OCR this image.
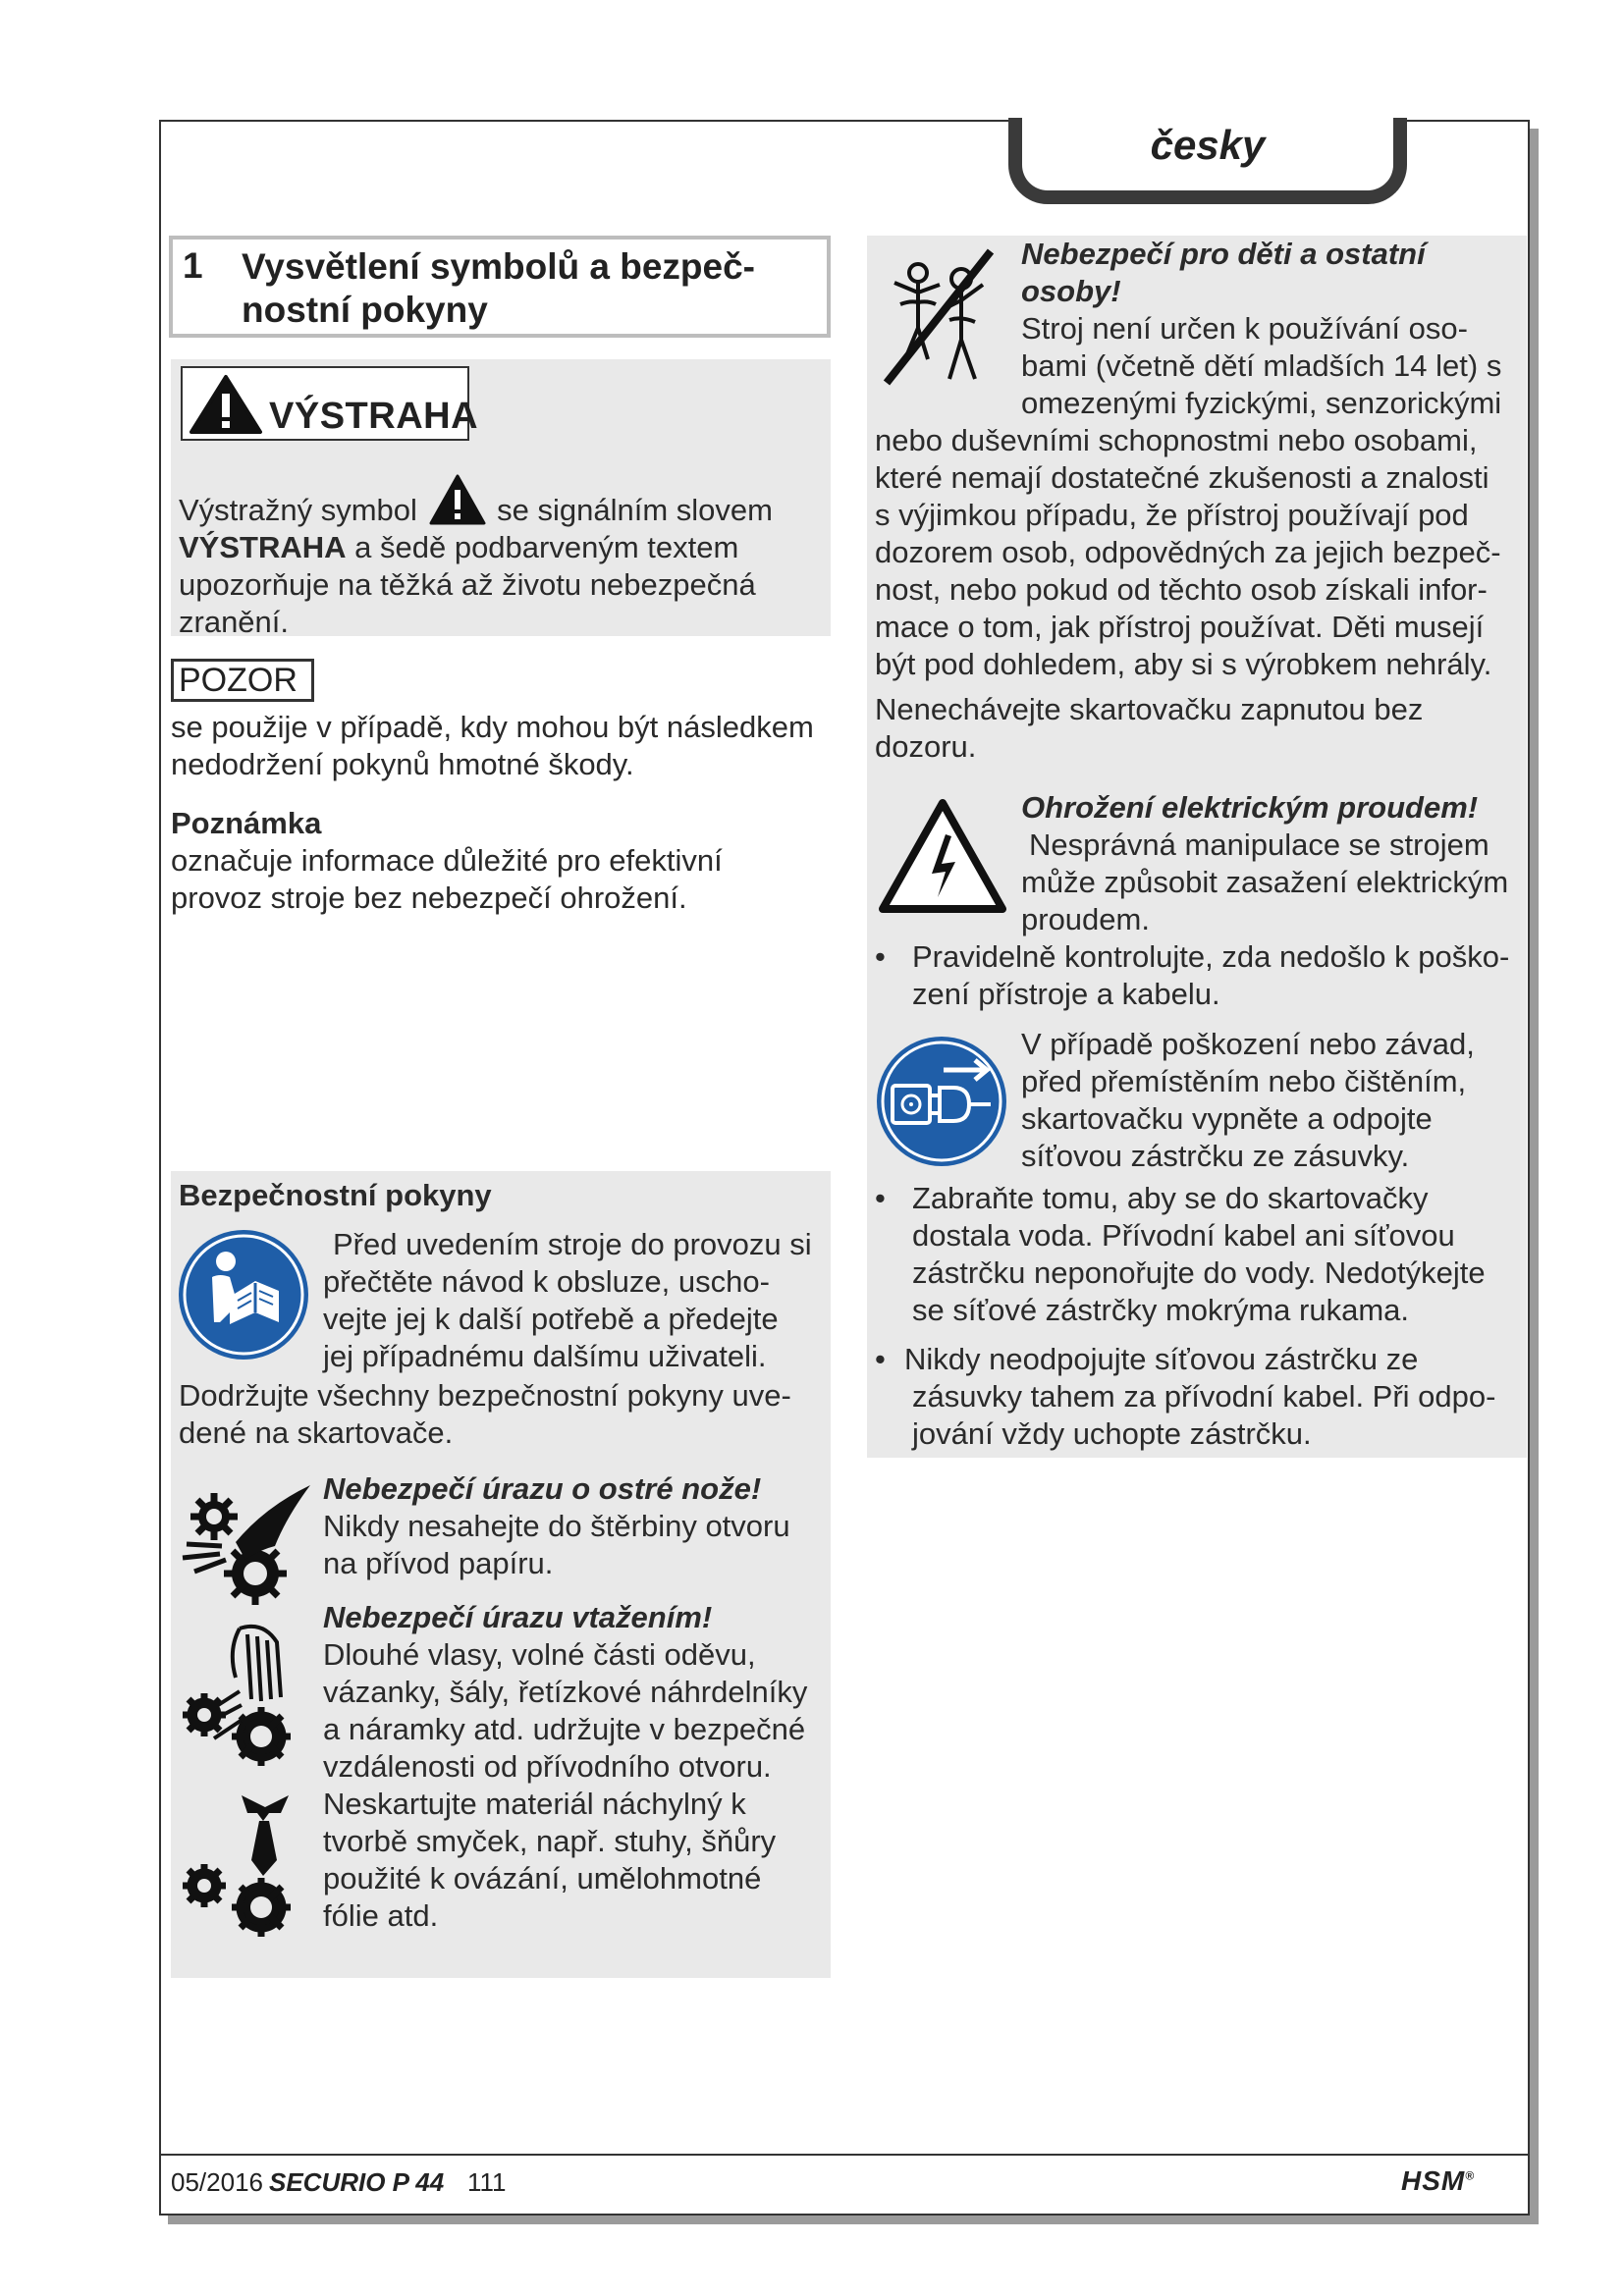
česky
1 Vysvětlení symbolů a bezpeč-
nostní pokyny
VÝSTRAHA
Výstražný symbol	se signálním slovem
VÝSTRAHA a šedě podbarveným textem
upozorňuje na těžká až životu nebezpečná
zranění.
POZOR
se použije v případě, kdy mohou být následkem
nedodržení pokynů hmotné škody.
Poznámka
označuje informace důležité pro efektivní
provoz stroje bez nebezpečí ohrožení.
Bezpečnostní pokyny
Před uvedením stroje do provozu si
přečtěte návod k obsluze, uscho-
vejte jej k další potřebě a předejte
jej případnému dalšímu uživateli.
Dodržujte všechny bezpečnostní pokyny uve-
dené na skartovače.
Nebezpečí úrazu o ostré nože!
Nikdy nesahejte do štěrbiny otvoru
na přívod papíru.
Nebezpečí úrazu vtažením!
Dlouhé vlasy, volné části oděvu,
vázanky, šály, řetízkové náhrdelníky
a náramky atd. udržujte v bezpečné
vzdálenosti od přívodního otvoru.
Neskartujte materiál náchylný k
tvorbě smyček, např. stuhy, šňůry
použité k ovázání, umělohmotné
fólie atd.
Nebezpečí pro děti a ostatní
osoby!
Stroj není určen k používání oso-
bami (včetně dětí mladších 14 let) s
omezenými fyzickými, senzorickými
nebo duševními schopnostmi nebo osobami,
které nemají dostatečné zkušenosti a znalosti
s výjimkou případu, že přístroj používají pod
dozorem osob, odpovědných za jejich bezpeč-
nost, nebo pokud od těchto osob získali infor-
mace o tom, jak přístroj používat. Děti musejí
být pod dohledem, aby si s výrobkem nehrály.
Nenechávejte skartovačku zapnutou bez
dozoru.
Ohrožení elektrickým proudem!
Nesprávná manipulace se strojem
může způsobit zasažení elektrickým
proudem.
• Pravidelně kontrolujte, zda nedošlo k poško-
zení přístroje a kabelu.
V případě poškození nebo závad,
před přemístěním nebo čištěním,
skartovačku vypněte a odpojte
síťovou zástrčku ze zásuvky.
• Zabraňte tomu, aby se do skartovačky
dostala voda. Přívodní kabel ani síťovou
zástrčku neponořujte do vody. Nedotýkejte
se síťové zástrčky mokrýma rukama.
• Nikdy neodpojujte síťovou zástrčku ze
zásuvky tahem za přívodní kabel. Při odpo-
jování vždy uchopte zástrčku.
05/2016 SECURIO P 44 111	HSM®
